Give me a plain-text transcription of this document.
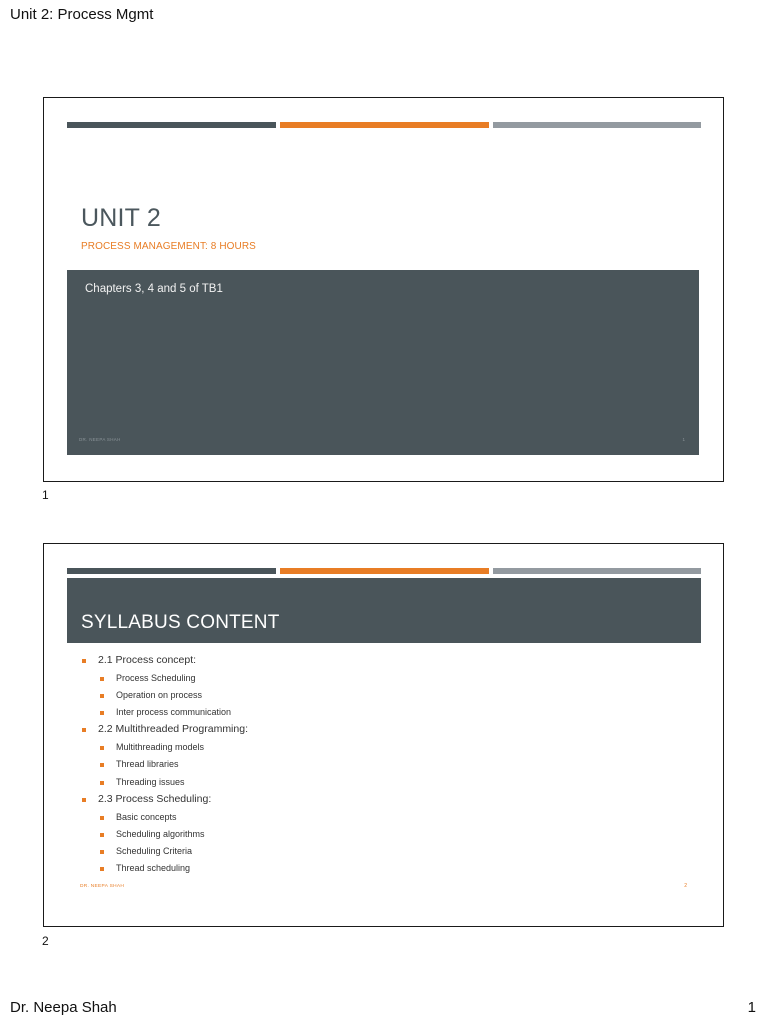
Unit 2: Process Mgmt
UNIT 2
PROCESS MANAGEMENT: 8 HOURS
Chapters 3, 4 and 5 of TB1
DR. NEEPA SHAH	1
1
SYLLABUS CONTENT
2.1 Process concept:
Process Scheduling
Operation on process
Inter process communication
2.2 Multithreaded Programming:
Multithreading models
Thread libraries
Threading issues
2.3 Process Scheduling:
Basic concepts
Scheduling algorithms
Scheduling Criteria
Thread scheduling
DR. NEEPA SHAH	2
2
Dr. Neepa Shah	1
